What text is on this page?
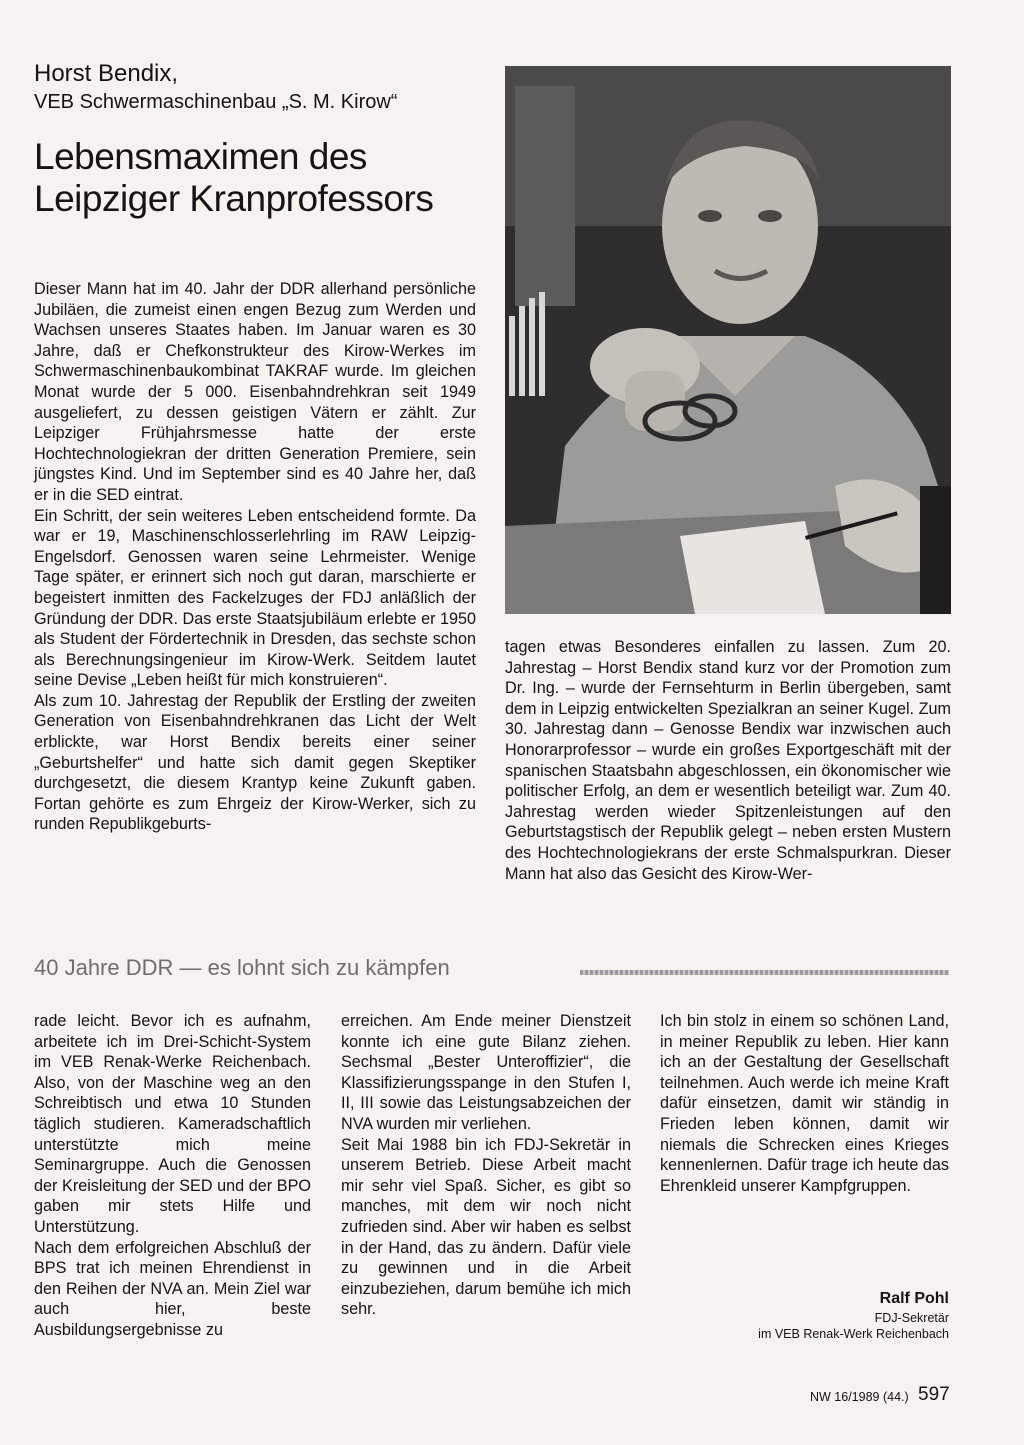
Horst Bendix,
VEB Schwermaschinenbau „S. M. Kirow“
Lebensmaximen des
Leipziger Kranprofessors

Dieser Mann hat im 40. Jahr der DDR allerhand persönliche Jubiläen, die zumeist einen engen Bezug zum Werden und Wachsen unseres Staates haben. Im Januar waren es 30 Jahre, daß er Chefkonstrukteur des Kirow-Werkes im Schwermaschinenbaukombinat TAKRAF wurde. Im gleichen Monat wurde der 5 000. Eisenbahndrehkran seit 1949 ausgeliefert, zu dessen geistigen Vätern er zählt. Zur Leipziger Frühjahrsmesse hatte der erste Hochtechnologiekran der dritten Generation Premiere, sein jüngstes Kind. Und im September sind es 40 Jahre her, daß er in die SED eintrat.

Ein Schritt, der sein weiteres Leben entscheidend formte. Da war er 19, Maschinenschlosserlehrling im RAW Leipzig-Engelsdorf. Genossen waren seine Lehrmeister. Wenige Tage später, er erinnert sich noch gut daran, marschierte er begeistert inmitten des Fackelzuges der FDJ anläßlich der Gründung der DDR. Das erste Staatsjubiläum erlebte er 1950 als Student der Fördertechnik in Dresden, das sechste schon als Berechnungsingenieur im Kirow-Werk. Seitdem lautet seine Devise „Leben heißt für mich konstruieren“.

Als zum 10. Jahrestag der Republik der Erstling der zweiten Generation von Eisenbahndrehkranen das Licht der Welt erblickte, war Horst Bendix bereits einer seiner „Geburtshelfer“ und hatte sich damit gegen Skeptiker durchgesetzt, die diesem Krantyp keine Zukunft gaben. Fortan gehörte es zum Ehrgeiz der Kirow-Werker, sich zu runden Republikgeburts-

tagen etwas Besonderes einfallen zu lassen. Zum 20. Jahrestag – Horst Bendix stand kurz vor der Promotion zum Dr. Ing. – wurde der Fernsehturm in Berlin übergeben, samt dem in Leipzig entwickelten Spezialkran an seiner Kugel. Zum 30. Jahrestag dann – Genosse Bendix war inzwischen auch Honorarprofessor – wurde ein großes Exportgeschäft mit der spanischen Staatsbahn abgeschlossen, ein ökonomischer wie politischer Erfolg, an dem er wesentlich beteiligt war. Zum 40. Jahrestag werden wieder Spitzenleistungen auf den Geburtstagstisch der Republik gelegt – neben ersten Mustern des Hochtechnologiekrans der erste Schmalspurkran. Dieser Mann hat also das Gesicht des Kirow-Wer-

40 Jahre DDR — es lohnt sich zu kämpfen

rade leicht. Bevor ich es aufnahm, arbeitete ich im Drei-Schicht-System im VEB Renak-Werke Reichenbach. Also, von der Maschine weg an den Schreibtisch und etwa 10 Stunden täglich studieren. Kameradschaftlich unterstützte mich meine Seminargruppe. Auch die Genossen der Kreisleitung der SED und der BPO gaben mir stets Hilfe und Unterstützung.

Nach dem erfolgreichen Abschluß der BPS trat ich meinen Ehrendienst in den Reihen der NVA an. Mein Ziel war auch hier, beste Ausbildungsergebnisse zu

erreichen. Am Ende meiner Dienstzeit konnte ich eine gute Bilanz ziehen. Sechsmal „Bester Unteroffizier“, die Klassifizierungsspange in den Stufen I, II, III sowie das Leistungsabzeichen der NVA wurden mir verliehen.

Seit Mai 1988 bin ich FDJ-Sekretär in unserem Betrieb. Diese Arbeit macht mir sehr viel Spaß. Sicher, es gibt so manches, mit dem wir noch nicht zufrieden sind. Aber wir haben es selbst in der Hand, das zu ändern. Dafür viele zu gewinnen und in die Arbeit einzubeziehen, darum bemühe ich mich sehr.

Ich bin stolz in einem so schönen Land, in meiner Republik zu leben. Hier kann ich an der Gestaltung der Gesellschaft teilnehmen. Auch werde ich meine Kraft dafür einsetzen, damit wir ständig in Frieden leben können, damit wir niemals die Schrecken eines Krieges kennenlernen. Dafür trage ich heute das Ehrenkleid unserer Kampfgruppen.

Ralf Pohl
FDJ-Sekretär
im VEB Renak-Werk Reichenbach
NW 16/1989 (44.) 597
